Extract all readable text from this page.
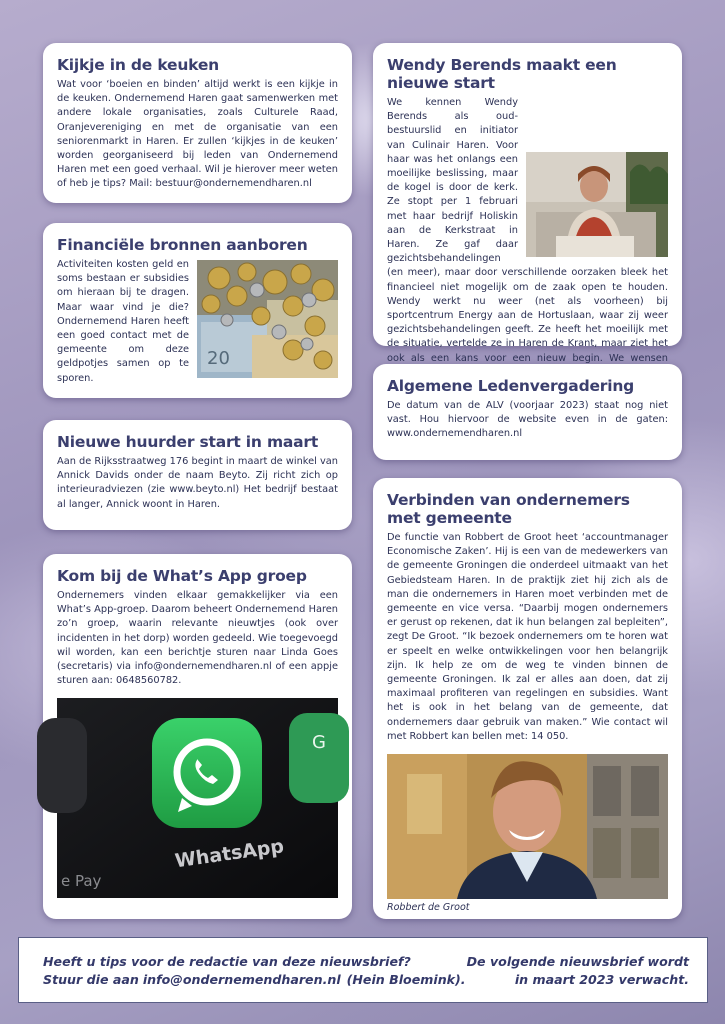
Kijkje in de keuken

Wat voor ‘boeien en binden’ altijd werkt is een kijkje in de keuken. Ondernemend Haren gaat samenwerken met andere lokale organisaties, zoals Culturele Raad, Oranjevereniging en met de organisatie van een seniorenmarkt in Haren. Er zullen ‘kijkjes in de keuken’ worden georganiseerd bij leden van Ondernemend Haren met een goed verhaal. Wil je hierover meer weten of heb je tips? Mail: bestuur@ondernemendharen.nl

Financiële bronnen aanboren
20

Activiteiten kosten geld en soms bestaan er subsidies om hieraan bij te dragen. Maar waar vind je die? Ondernemend Haren heeft een goed contact met de gemeente om deze geldpotjes samen op te sporen.

Nieuwe huurder start in maart

Aan de Rijksstraatweg 176 begint in maart de winkel van Annick Davids onder de naam Beyto. Zij richt zich op interieuradviezen (zie www.beyto.nl) Het bedrijf bestaat al langer, Annick woont in Haren.

Kom bij de What’s App groep

Ondernemers vinden elkaar gemakkelijker via een What’s App-groep. Daarom beheert Ondernemend Haren zo’n groep, waarin relevante nieuwtjes (ook over incidenten in het dorp) worden gedeeld. Wie toegevoegd wil worden, kan een berichtje sturen naar Linda Goes (secretaris) via info@ondernemendharen.nl of een appje sturen aan: 0648560782.

G
WhatsApp
e Pay
Wendy Berends maakt een nieuwe start

We kennen Wendy Berends als oud-bestuurslid en initiator van Culinair Haren. Voor haar was het onlangs een moeilijke beslissing, maar de kogel is door de kerk. Ze stopt per 1 februari met haar bedrijf Holiskin aan de Kerkstraat in Haren. Ze gaf daar gezichtsbehandelingen (en meer), maar door verschillende oorzaken bleek het financieel niet mogelijk om de zaak open te houden. Wendy werkt nu weer (net als voorheen) bij sportcentrum Energy aan de Hortuslaan, waar zij weer gezichtsbehandelingen geeft. Ze heeft het moeilijk met de situatie, vertelde ze in Haren de Krant, maar ziet het ook als een kans voor een nieuw begin. We wensen

Algemene Ledenvergadering

De datum van de ALV (voorjaar 2023) staat nog niet vast. Hou hiervoor de website even in de gaten: www.ondernemendharen.nl

Verbinden van ondernemers met gemeente

De functie van Robbert de Groot heet ‘accountmanager Economische Zaken’. Hij is een van de medewerkers van de gemeente Groningen die onderdeel uitmaakt van het Gebiedsteam Haren. In de praktijk ziet hij zich als de man die ondernemers in Haren moet verbinden met de gemeente en vice versa. “Daarbij mogen ondernemers er gerust op rekenen, dat ik hun belangen zal bepleiten”, zegt De Groot. “Ik bezoek ondernemers om te horen wat er speelt en welke ontwikkelingen voor hen belangrijk zijn. Ik help ze om de weg te vinden binnen de gemeente Groningen. Ik zal er alles aan doen, dat zij maximaal profiteren van regelingen en subsidies. Want het is ook in het belang van de gemeente, dat ondernemers daar gebruik van maken.” Wie contact wil met Robbert kan bellen met: 14 050.

Robbert de Groot
Heeft u tips voor de redactie van deze nieuwsbrief?
Stuur die aan info@ondernemendharen.nl (Hein Bloemink).
De volgende nieuwsbrief wordt
in maart 2023 verwacht.
